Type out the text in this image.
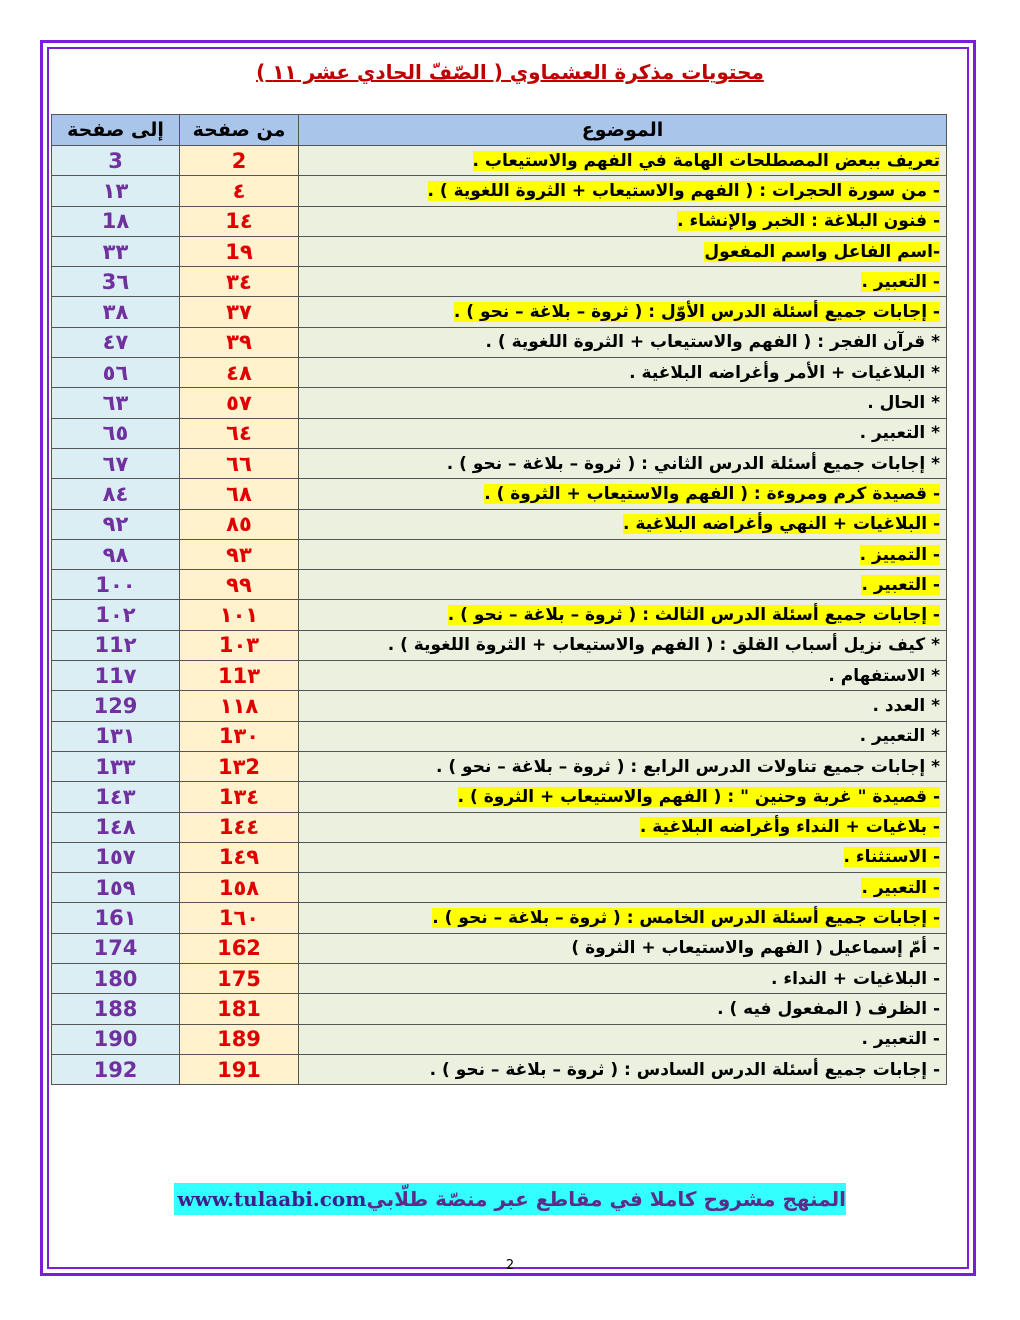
محتويات مذكرة العشماوي ( الصّفّ الحادي عشر ١١ )
الموضوع	من صفحة	إلى صفحة
تعريف ببعض المصطلحات الهامة في الفهم والاستيعاب .	2	3
- من سورة الحجرات : ( الفهم والاستيعاب + الثروة اللغوية ) .	٤	١٣
- فنون البلاغة : الخبر والإنشاء .	1٤	1٨
-اسم الفاعل واسم المفعول	1٩	٣٣
- التعبير .	٣٤	3٦
- إجابات جميع أسئلة الدرس الأوّل : ( ثروة – بلاغة – نحو ) .	٣٧	٣٨
* قرآن الفجر : ( الفهم والاستيعاب + الثروة اللغوية ) .	٣٩	٤٧
* البلاغيات + الأمر وأغراضه البلاغية .	٤٨	٥٦
* الحال .	٥٧	٦٣
* التعبير .	٦٤	٦٥
* إجابات جميع أسئلة الدرس الثاني : ( ثروة – بلاغة – نحو ) .	٦٦	٦٧
- قصيدة كرم ومروءة : ( الفهم والاستيعاب + الثروة ) .	٦٨	٨٤
- البلاغيات + النهي وأغراضه البلاغية .	٨٥	٩٢
- التمييز .	٩٣	٩٨
- التعبير .	٩٩	1٠٠
- إجابات جميع أسئلة الدرس الثالث : ( ثروة – بلاغة – نحو ) .	١٠١	1٠٢
* كيف نزيل أسباب القلق : ( الفهم والاستيعاب + الثروة اللغوية ) .	1٠٣	11٢
* الاستفهام .	11٣	11٧
* العدد .	١١٨	129
* التعبير .	1٣٠	1٣١
* إجابات جميع تناولات الدرس الرابع : ( ثروة – بلاغة – نحو ) .	1٣2	1٣٣
- قصيدة " غربة وحنين " : ( الفهم والاستيعاب + الثروة ) .	1٣٤	1٤٣
- بلاغيات + النداء وأغراضه البلاغية .	1٤٤	1٤٨
- الاستثناء .	1٤٩	1٥٧
- التعبير .	1٥٨	1٥٩
- إجابات جميع أسئلة الدرس الخامس : ( ثروة – بلاغة – نحو ) .	1٦٠	16١
- أمّ إسماعيل ( الفهم والاستيعاب + الثروة )	162	174
- البلاغيات + النداء .	175	180
- الظرف ( المفعول فيه ) .	181	188
- التعبير .	189	190
- إجابات جميع أسئلة الدرس السادس : ( ثروة – بلاغة – نحو ) .	191	192
المنهج مشروح كاملا في مقاطع عبر منصّة طلّابيwww.tulaabi.com
2
